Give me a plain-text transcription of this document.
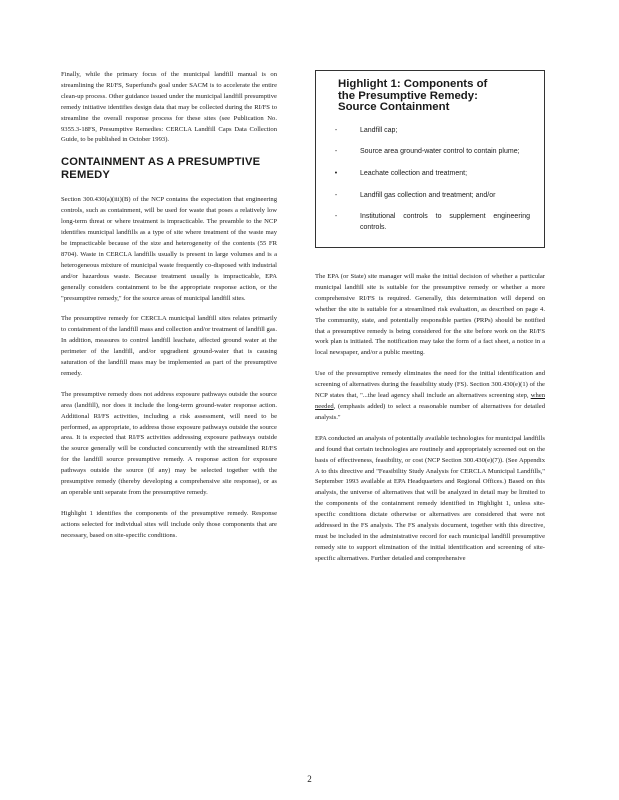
Finally, while the primary focus of the municipal landfill manual is on streamlining the RI/FS, Superfund's goal under SACM is to accelerate the entire clean-up process. Other guidance issued under the municipal landfill presumptive remedy initiative identifies design data that may be collected during the RI/FS to streamline the overall response process for these sites (see Publication No. 9355.3-18FS, Presumptive Remedies: CERCLA Landfill Caps Data Collection Guide, to be published in October 1993).

CONTAINMENT AS A PRESUMPTIVE REMEDY

Section 300.430(a)(iii)(B) of the NCP contains the expectation that engineering controls, such as containment, will be used for waste that poses a relatively low long-term threat or where treatment is impracticable. The preamble to the NCP identifies municipal landfills as a type of site where treatment of the waste may be impracticable because of the size and heterogeneity of the contents (55 FR 8704). Waste in CERCLA landfills usually is present in large volumes and is a heterogeneous mixture of municipal waste frequently co-disposed with industrial and/or hazardous waste. Because treatment usually is impracticable, EPA generally considers containment to be the appropriate response action, or the "presumptive remedy," for the source areas of municipal landfill sites.

The presumptive remedy for CERCLA municipal landfill sites relates primarily to containment of the landfill mass and collection and/or treatment of landfill gas. In addition, measures to control landfill leachate, affected ground water at the perimeter of the landfill, and/or upgradient ground-water that is causing saturation of the landfill mass may be implemented as part of the presumptive remedy.

The presumptive remedy does not address exposure pathways outside the source area (landfill), nor does it include the long-term ground-water response action. Additional RI/FS activities, including a risk assessment, will need to be performed, as appropriate, to address those exposure pathways outside the source area. It is expected that RI/FS activities addressing exposure pathways outside the source generally will be conducted concurrently with the streamlined RI/FS for the landfill source presumptive remedy. A response action for exposure pathways outside the source (if any) may be selected together with the presumptive remedy (thereby developing a comprehensive site response), or as an operable unit separate from the presumptive remedy.

Highlight 1 identifies the components of the presumptive remedy. Response actions selected for individual sites will include only those components that are necessary, based on site-specific conditions.

Highlight 1: Components of
the Presumptive Remedy:
Source Containment
-	Landfill cap;
-	Source area ground-water control to contain plume;
•	Leachate collection and treatment;
-	Landfill gas collection and treatment; and/or
-	Institutional controls to supplement engineering controls.

The EPA (or State) site manager will make the initial decision of whether a particular municipal landfill site is suitable for the presumptive remedy or whether a more comprehensive RI/FS is required. Generally, this determination will depend on whether the site is suitable for a streamlined risk evaluation, as described on page 4. The community, state, and potentially responsible parties (PRPs) should be notified that a presumptive remedy is being considered for the site before work on the RI/FS work plan is initiated. The notification may take the form of a fact sheet, a notice in a local newspaper, and/or a public meeting.

Use of the presumptive remedy eliminates the need for the initial identification and screening of alternatives during the feasibility study (FS). Section 300.430(e)(1) of the NCP states that, "...the lead agency shall include an alternatives screening step, when needed, (emphasis added) to select a reasonable number of alternatives for detailed analysis."

EPA conducted an analysis of potentially available technologies for municipal landfills and found that certain technologies are routinely and appropriately screened out on the basis of effectiveness, feasibility, or cost (NCP Section 300.430(e)(7)). (See Appendix A to this directive and "Feasibility Study Analysis for CERCLA Municipal Landfills," September 1993 available at EPA Headquarters and Regional Offices.) Based on this analysis, the universe of alternatives that will be analyzed in detail may be limited to the components of the containment remedy identified in Highlight 1, unless site-specific conditions dictate otherwise or alternatives are considered that were not addressed in the FS analysis. The FS analysis document, together with this directive, must be included in the administrative record for each municipal landfill presumptive remedy site to support elimination of the initial identification and screening of site-specific alternatives. Further detailed and comprehensive

2
